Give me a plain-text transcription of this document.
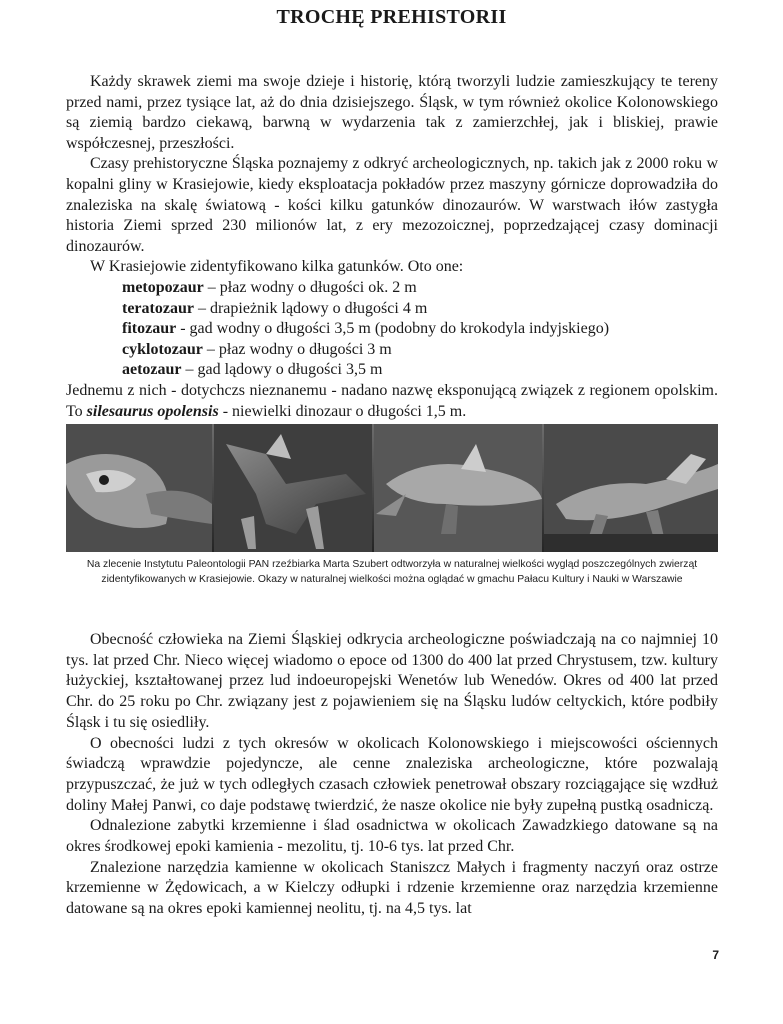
TROCHĘ PREHISTORII

Każdy skrawek ziemi ma swoje dzieje i historię, którą tworzyli ludzie zamieszkujący te tereny przed nami, przez tysiące lat, aż do dnia dzisiejszego. Śląsk, w tym również okolice Kolonowskiego są ziemią bardzo ciekawą, barwną w wydarzenia tak z zamierzchłej, jak i bliskiej, prawie współczesnej, przeszłości.

Czasy prehistoryczne Śląska poznajemy z odkryć archeologicznych, np. takich jak z 2000 roku w kopalni gliny w Krasiejowie, kiedy eksploatacja pokładów przez maszyny górnicze doprowadziła do znaleziska na skalę światową - kości kilku gatunków dinozaurów. W warstwach iłów zastygła historia Ziemi sprzed 230 milionów lat, z ery mezozoicznej, poprzedzającej czasy dominacji dinozaurów.

W Krasiejowie zidentyfikowano kilka gatunków. Oto one:

metopozaur – płaz wodny o długości ok. 2 m
teratozaur – drapieżnik lądowy o długości 4 m
fitozaur - gad wodny o długości 3,5 m (podobny do krokodyla indyjskiego)
cyklotozaur – płaz wodny o długości 3 m
aetozaur – gad lądowy o długości 3,5 m

Jednemu z nich - dotychczs nieznanemu - nadano nazwę eksponującą związek z regionem opolskim. To silesaurus opolensis - niewielki dinozaur o długości 1,5 m.

Na zlecenie Instytutu Paleontologii PAN rzeźbiarka Marta Szubert odtworzyła w naturalnej wielkości wygląd poszczególnych zwierząt zidentyfikowanych w Krasiejowie. Okazy w naturalnej wielkości można oglądać w gmachu Pałacu Kultury i Nauki w Warszawie

Obecność człowieka na Ziemi Śląskiej odkrycia archeologiczne poświadczają na co najmniej 10 tys. lat przed Chr. Nieco więcej wiadomo o epoce od 1300 do 400 lat przed Chrystusem, tzw. kultury łużyckiej, kształtowanej przez lud indoeuropejski Wenetów lub Wenedów. Okres od 400 lat przed Chr. do 25 roku po Chr. związany jest z pojawieniem się na Śląsku ludów celtyckich, które podbiły Śląsk i tu się osiedliły.

O obecności ludzi z tych okresów w okolicach Kolonowskiego i miejscowości ościennych świadczą wprawdzie pojedyncze, ale cenne znaleziska archeologiczne, które pozwalają przypuszczać, że już w tych odległych czasach człowiek penetrował obszary rozciągające się wzdłuż doliny Małej Panwi, co daje podstawę twierdzić, że nasze okolice nie były zupełną pustką osadniczą.

Odnalezione zabytki krzemienne i ślad osadnictwa w okolicach Zawadzkiego datowane są na okres środkowej epoki kamienia - mezolitu, tj. 10-6 tys. lat przed Chr.

Znalezione narzędzia kamienne w okolicach Staniszcz Małych i fragmenty naczyń oraz ostrze krzemienne w Żędowicach, a w Kielczy odłupki i rdzenie krzemienne oraz narzędzia krzemienne datowane są na okres epoki kamiennej neolitu, tj. na 4,5 tys. lat

7
